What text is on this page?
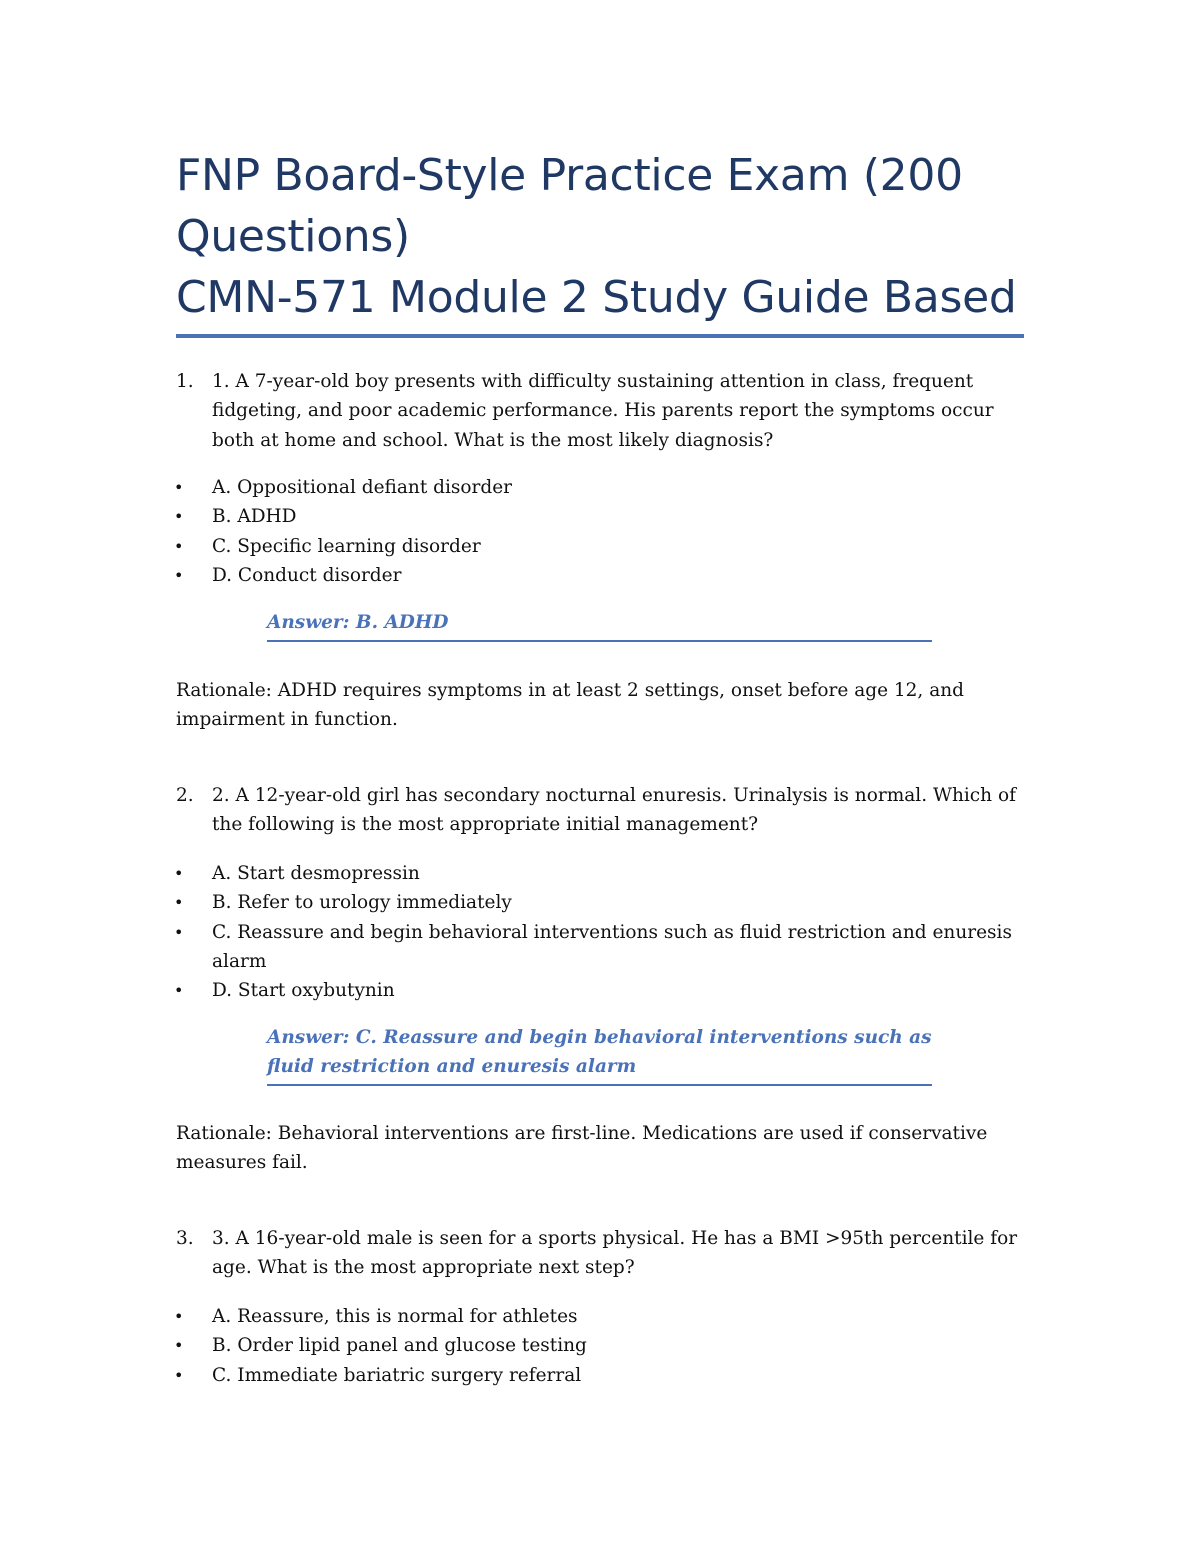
FNP Board-Style Practice Exam (200
Questions)
CMN-571 Module 2 Study Guide Based
1. 1. A 7-year-old boy presents with difficulty sustaining attention in class, frequent fidgeting, and poor academic performance. His parents report the symptoms occur both at home and school. What is the most likely diagnosis?
• A. Oppositional defiant disorder
• B. ADHD
• C. Specific learning disorder
• D. Conduct disorder
Answer: B. ADHD
Rationale: ADHD requires symptoms in at least 2 settings, onset before age 12, and impairment in function.
2. 2. A 12-year-old girl has secondary nocturnal enuresis. Urinalysis is normal. Which of the following is the most appropriate initial management?
• A. Start desmopressin
• B. Refer to urology immediately
• C. Reassure and begin behavioral interventions such as fluid restriction and enuresis alarm
• D. Start oxybutynin
Answer: C. Reassure and begin behavioral interventions such as fluid restriction and enuresis alarm
Rationale: Behavioral interventions are first-line. Medications are used if conservative measures fail.
3. 3. A 16-year-old male is seen for a sports physical. He has a BMI >95th percentile for age. What is the most appropriate next step?
• A. Reassure, this is normal for athletes
• B. Order lipid panel and glucose testing
• C. Immediate bariatric surgery referral
